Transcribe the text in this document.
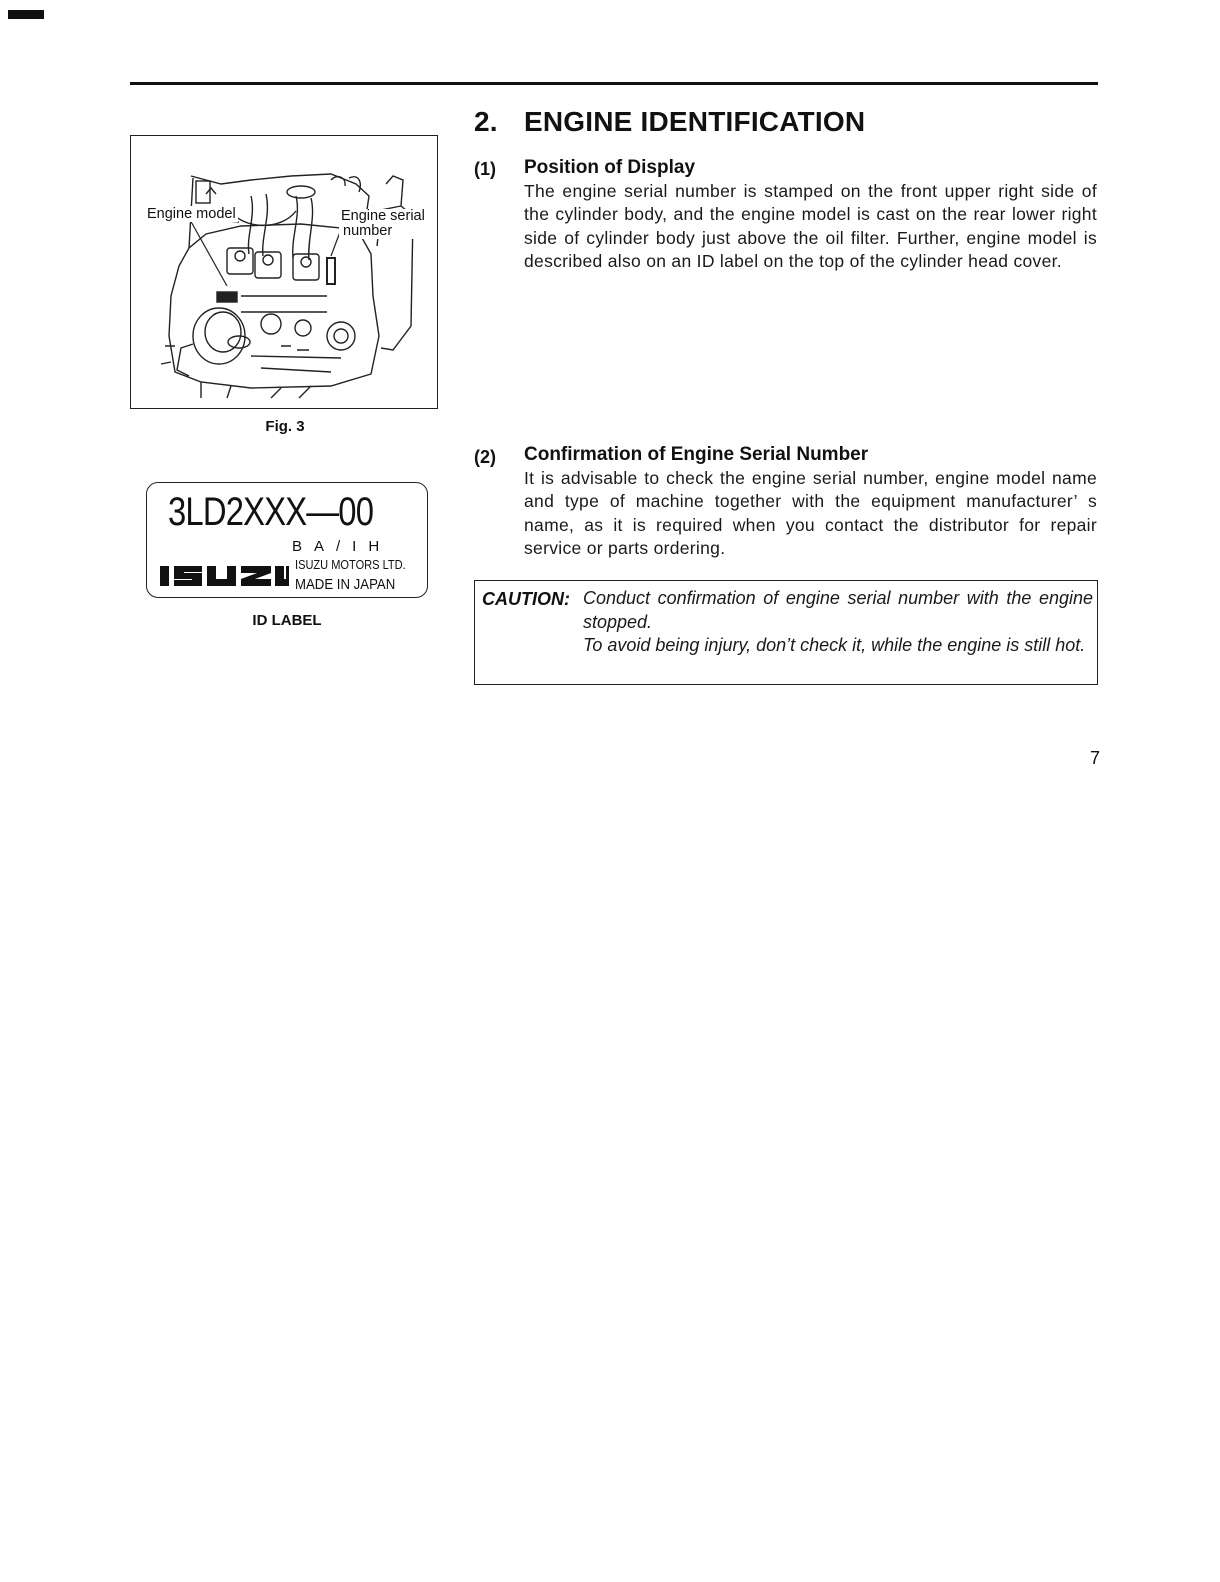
Engine model	Engine serial
number
Fig. 3
3LD2XXX—00
BA/IH
ISUZU MOTORS LTD.
MADE IN JAPAN
ID LABEL
2. ENGINE IDENTIFICATION
(1) Position of Display
The engine serial number is stamped on the front upper right side of the cylinder body, and the engine model is cast on the rear lower right side of cylinder body just above the oil filter. Further, engine model is described also on an ID label on the top of the cylinder head cover.
(2) Confirmation of Engine Serial Number
It is advisable to check the engine serial number, engine model name and type of machine together with the equipment manufacturer’ s name, as it is required when you contact the distributor for repair service or parts ordering.
CAUTION: Conduct confirmation of engine serial number with the engine stopped.
To avoid being injury, don’t check it, while the engine is still hot.
7
